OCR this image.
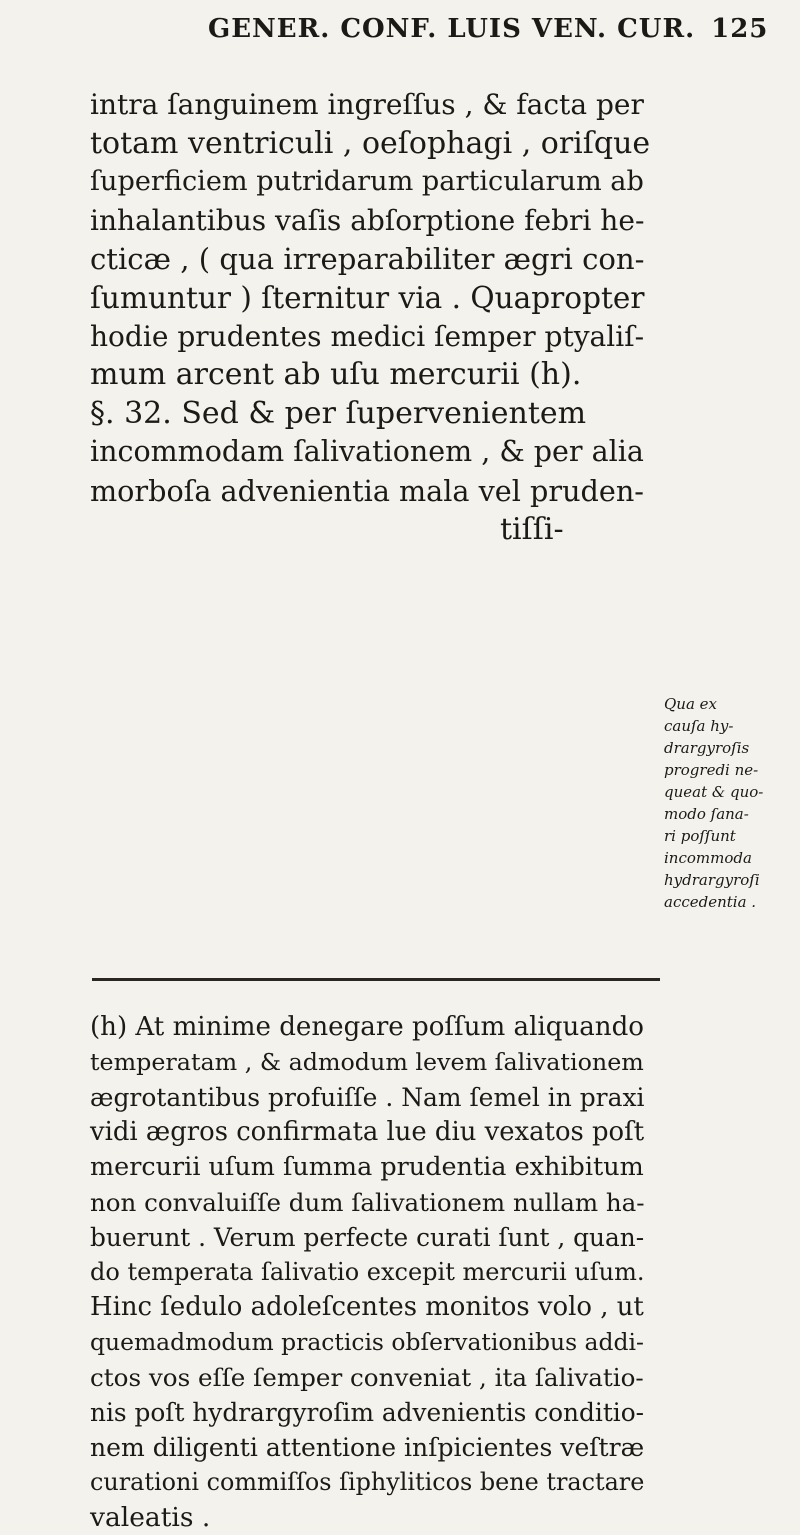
GENER. CONF. LUIS VEN. CUR. 125
intra ſanguinem ingreſſus , & facta per
totam ventriculi , oeſophagi , oriſque
ſuperficiem putridarum particularum ab
inhalantibus vaſis abſorptione febri he-
cticæ , ( qua irreparabiliter ægri con-
ſumuntur ) ſternitur via . Quapropter
hodie prudentes medici ſemper ptyaliſ-
mum arcent ab uſu mercurii (h).
§. 32. Sed & per ſupervenientem
incommodam ſalivationem , & per alia
morboſa advenientia mala vel pruden-
tiſſi-
Qua ex
cauſa hy-
drargyroſis
progredi ne-
queat & quo-
modo ſana-
ri poſſunt
incommoda
hydrargyroſi
accedentia .
(h) At minime denegare poſſum aliquando
temperatam , & admodum levem ſalivationem
ægrotantibus profuiſſe . Nam ſemel in praxi
vidi ægros confirmata lue diu vexatos poſt
mercurii uſum ſumma prudentia exhibitum
non convaluiſſe dum ſalivationem nullam ha-
buerunt . Verum perfecte curati ſunt , quan-
do temperata ſalivatio excepit mercurii uſum.
Hinc ſedulo adoleſcentes monitos volo , ut
quemadmodum practicis obſervationibus addi-
ctos vos eſſe ſemper conveniat , ita ſalivatio-
nis poſt hydrargyroſim advenientis conditio-
nem diligenti attentione inſpicientes veſtræ
curationi commiſſos ſiphyliticos bene tractare
valeatis .
